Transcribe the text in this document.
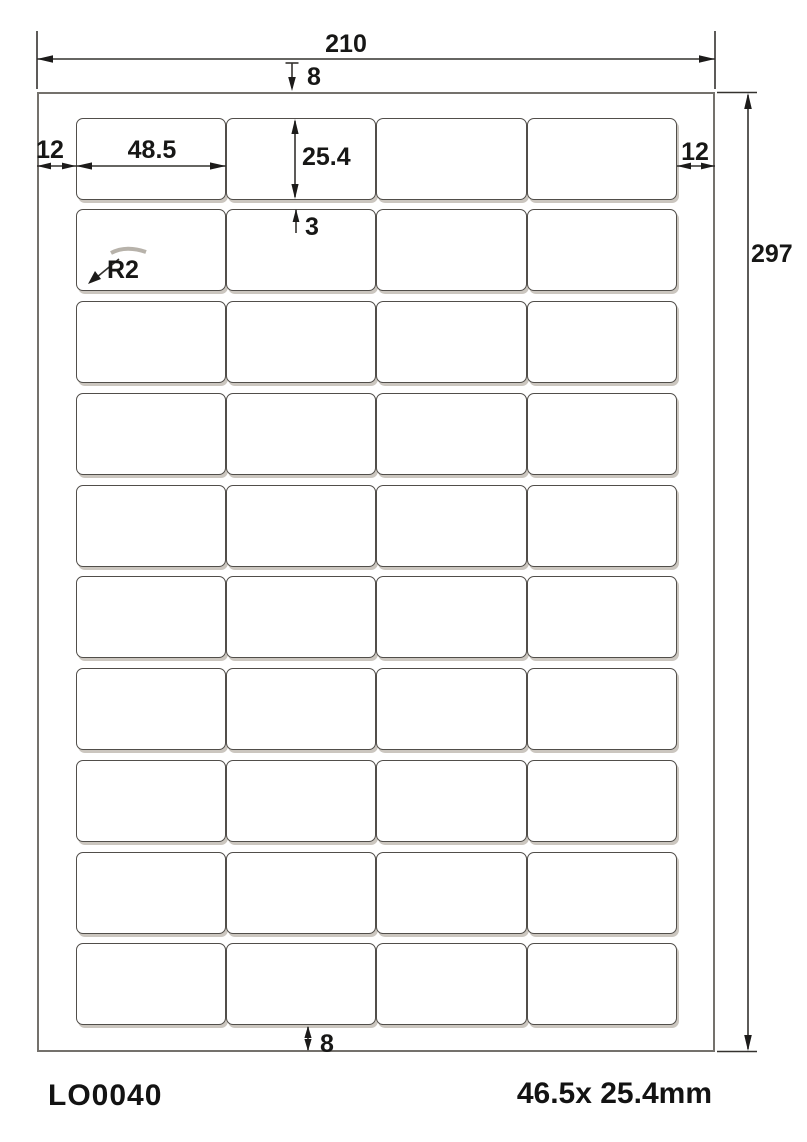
210
8
12	48.5	25.4
3
12
297
8
R2
LO0040	46.5x 25.4mm
